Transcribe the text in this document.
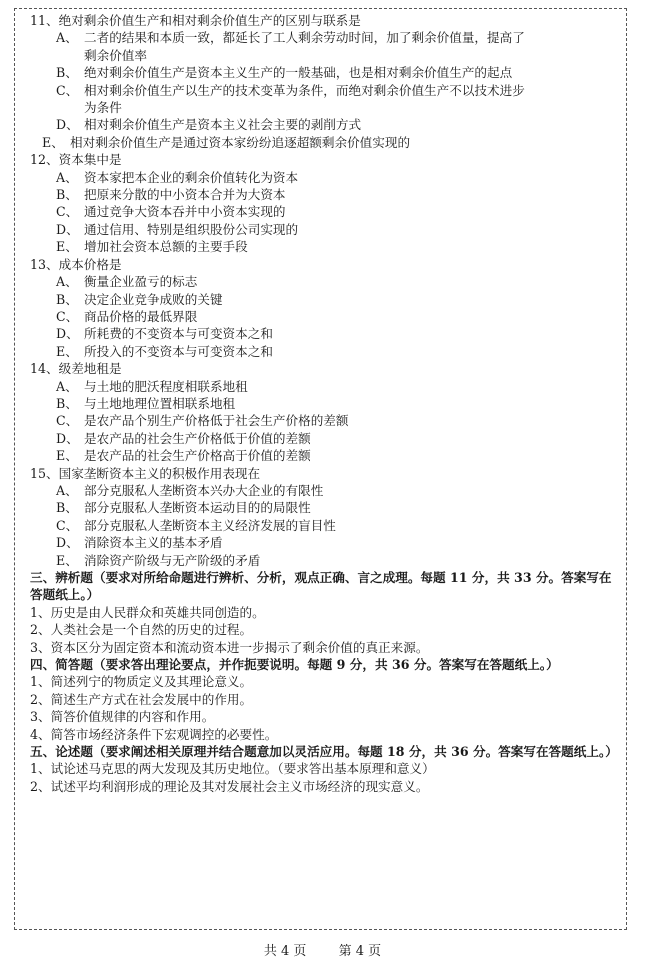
11、绝对剩余价值生产和相对剩余价值生产的区别与联系是
A、 二者的结果和本质一致，都延长了工人剩余劳动时间，加了剩余价值量，提高了
剩余价值率
B、 绝对剩余价值生产是资本主义生产的一般基础，也是相对剩余价值生产的起点
C、 相对剩余价值生产以生产的技术变革为条件，而绝对剩余价值生产不以技术进步
为条件
D、 相对剩余价值生产是资本主义社会主要的剥削方式
E、 相对剩余价值生产是通过资本家纷纷追逐超额剩余价值实现的
12、资本集中是
A、 资本家把本企业的剩余价值转化为资本
B、 把原来分散的中小资本合并为大资本
C、 通过竞争大资本吞并中小资本实现的
D、 通过信用、特别是组织股份公司实现的
E、 增加社会资本总额的主要手段
13、成本价格是
A、 衡量企业盈亏的标志
B、 决定企业竞争成败的关键
C、 商品价格的最低界限
D、 所耗费的不变资本与可变资本之和
E、 所投入的不变资本与可变资本之和
14、级差地租是
A、 与土地的肥沃程度相联系地租
B、 与土地地理位置相联系地租
C、 是农产品个别生产价格低于社会生产价格的差额
D、 是农产品的社会生产价格低于价值的差额
E、 是农产品的社会生产价格高于价值的差额
15、国家垄断资本主义的积极作用表现在
A、 部分克服私人垄断资本兴办大企业的有限性
B、 部分克服私人垄断资本运动目的的局限性
C、 部分克服私人垄断资本主义经济发展的盲目性
D、 消除资本主义的基本矛盾
E、 消除资产阶级与无产阶级的矛盾
三、辨析题（要求对所给命题进行辨析、分析，观点正确、言之成理。每题 11 分，共 33 分。答案写在答题纸上。）
1、历史是由人民群众和英雄共同创造的。
2、人类社会是一个自然的历史的过程。
3、资本区分为固定资本和流动资本进一步揭示了剩余价值的真正来源。
四、简答题（要求答出理论要点，并作扼要说明。每题 9 分，共 36 分。答案写在答题纸上。）
1、简述列宁的物质定义及其理论意义。
2、简述生产方式在社会发展中的作用。
3、简答价值规律的内容和作用。
4、简答市场经济条件下宏观调控的必要性。
五、论述题（要求阐述相关原理并结合题意加以灵活应用。每题 18 分，共 36 分。答案写在答题纸上。）
1、试论述马克思的两大发现及其历史地位。（要求答出基本原理和意义）
2、试述平均利润形成的理论及其对发展社会主义市场经济的现实意义。
共 4 页 第 4 页
